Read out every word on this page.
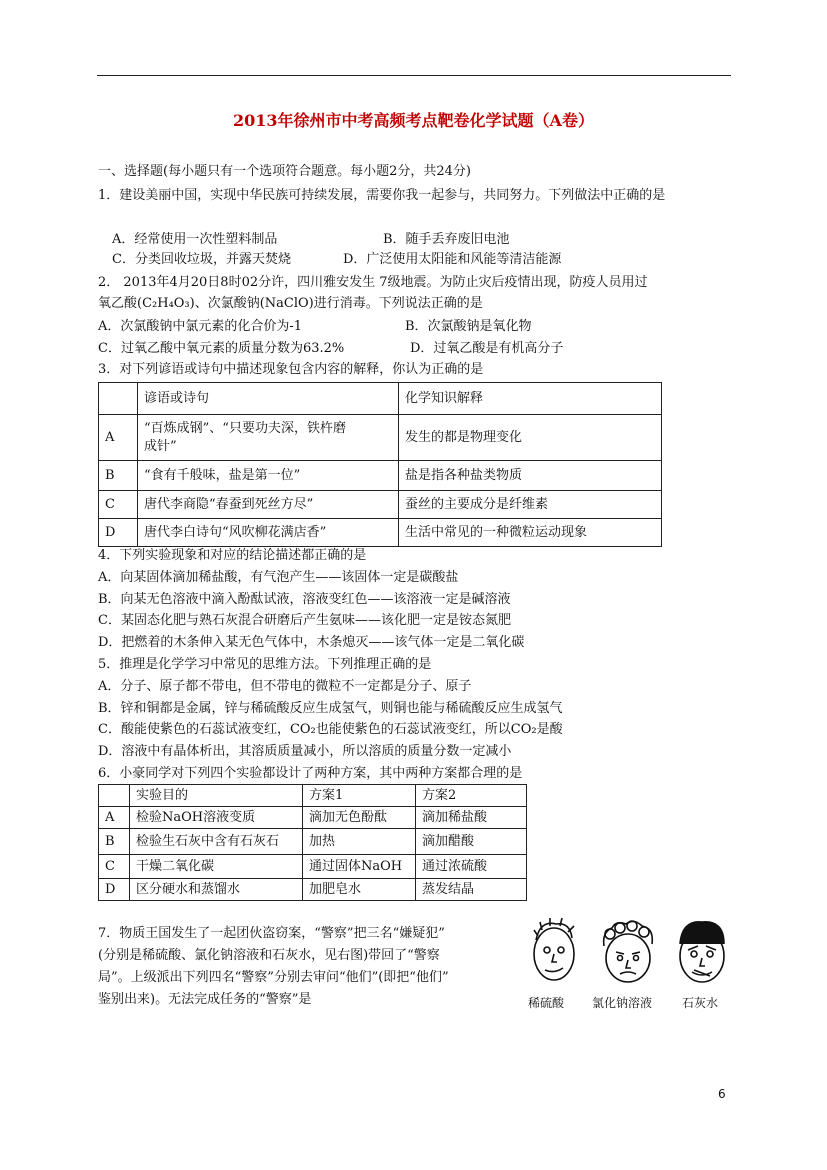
2013年徐州市中考高频考点靶卷化学试题（A卷）
一、选择题(每小题只有一个选项符合题意。每小题2分，共24分)
1．建设美丽中国，实现中华民族可持续发展，需要你我一起参与，共同努力。下列做法中正确的是
A．经常使用一次性塑料制品	B．随手丢弃废旧电池
C．分类回收垃圾，并露天焚烧	D．广泛使用太阳能和风能等清洁能源
2． 2013年4月20日8时02分许，四川雅安发生 7级地震。为防止灾后疫情出现，防疫人员用过
氧乙酸(C₂H₄O₃)、次氯酸钠(NaClO)进行消毒。下列说法正确的是
A．次氯酸钠中氯元素的化合价为-1	B．次氯酸钠是氧化物
C．过氧乙酸中氧元素的质量分数为63.2%	D．过氧乙酸是有机高分子
3．对下列谚语或诗句中描述现象包含内容的解释，你认为正确的是
	谚语或诗句	化学知识解释
A	“百炼成钢”、“只要功夫深，铁杵磨
成针”	发生的都是物理变化
B	“食有千般味，盐是第一位”	盐是指各种盐类物质
C	唐代李商隐“春蚕到死丝方尽”	蚕丝的主要成分是纤维素
D	唐代李白诗句“风吹柳花满店香”	生活中常见的一种微粒运动现象
4．下列实验现象和对应的结论描述都正确的是
A．向某固体滴加稀盐酸，有气泡产生——该固体一定是碳酸盐
B．向某无色溶液中滴入酚酞试液，溶液变红色——该溶液一定是碱溶液
C．某固态化肥与熟石灰混合研磨后产生氨味——该化肥一定是铵态氮肥
D．把燃着的木条伸入某无色气体中，木条熄灭——该气体一定是二氧化碳
5．推理是化学学习中常见的思维方法。下列推理正确的是
A．分子、原子都不带电，但不带电的微粒不一定都是分子、原子
B．锌和铜都是金属，锌与稀硫酸反应生成氢气，则铜也能与稀硫酸反应生成氢气
C．酸能使紫色的石蕊试液变红，CO₂也能使紫色的石蕊试液变红，所以CO₂是酸
D．溶液中有晶体析出，其溶质质量减小，所以溶质的质量分数一定减小
6．小豪同学对下列四个实验都设计了两种方案，其中两种方案都合理的是
	实验目的	方案1	方案2
A	检验NaOH溶液变质	滴加无色酚酞	滴加稀盐酸
B	检验生石灰中含有石灰石	加热	滴加醋酸
C	干燥二氧化碳	通过固体NaOH	通过浓硫酸
D	区分硬水和蒸馏水	加肥皂水	蒸发结晶
7．物质王国发生了一起团伙盗窃案，“警察”把三名“嫌疑犯”
(分别是稀硫酸、氯化钠溶液和石灰水，见右图)带回了“警察
局”。上级派出下列四名“警察”分别去审问“他们”(即把“他们”
鉴别出来)。无法完成任务的“警察”是	稀硫酸 氯化钠溶液 石灰水
6
